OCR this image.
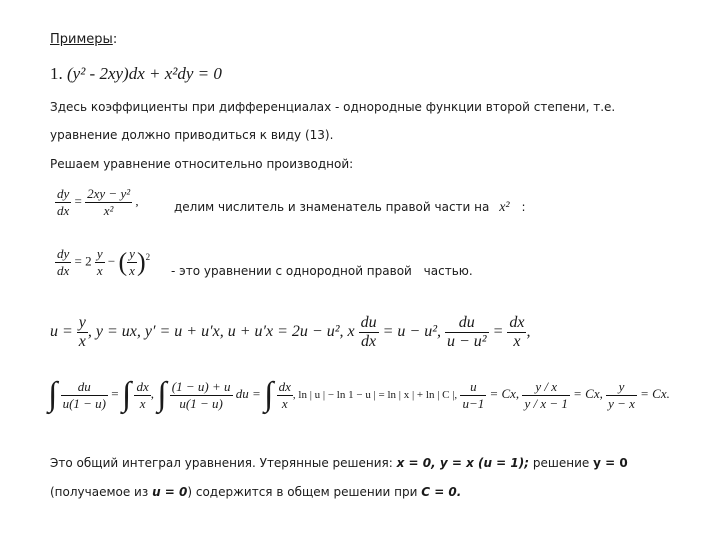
Примеры:
1. (y² - 2xy)dx + x²dy = 0
Здесь коэффициенты при дифференциалах - однородные функции второй степени, т.е.
уравнение должно приводиться к виду (13).
Решаем уравнение относительно производной:
$\frac{dy}{dx} = \frac{\text{2xy − y²}}{\text{x²}}$ ,	делим числитель и знаменатель правой части на x² :
$\frac{dy}{dx} = 2 \frac{y}{x}$ − ( $\frac{y}{x} )^2$
- это уравнении с однородной правой частью.
$u = \frac{y}{x}$ , y = ux, y′ = u + u′x, u + u′x = 2u − u², x $\frac{du}{dx} = u - u^2$, $\frac{du}{\text{u − u²}} = \frac{dx}{x}$ ,
∫ $\frac{du}{u(1 - u)}$ = ∫ $\frac{dx}{x}$ , ∫ $\frac{(1 - u) + u}{u(1 - u)}$ du = ∫ $\frac{dx}{x}$ , ln | u | − ln 1 − u | = ln | x | + ln | C |, $\frac{u}{u-1} = Cx$, $\frac{y / x}{y / x - 1} = Cx$, $\frac{y}{y - x} = Cx$.
Это общий интеграл уравнения. Утерянные решения: x = 0, y = x (u = 1); решение y = 0
(получаемое из u = 0) содержится в общем решении при C = 0.
